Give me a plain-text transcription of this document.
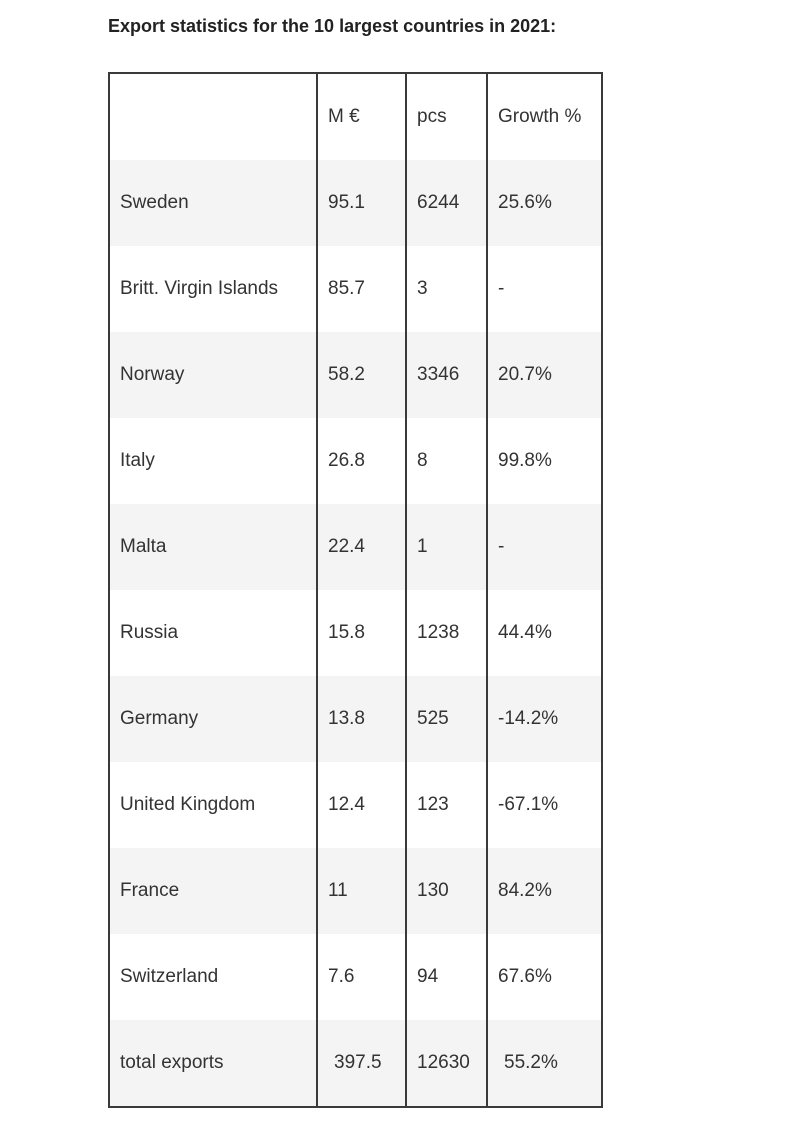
Export statistics for the 10 largest countries in 2021:
	M €	pcs	Growth %
Sweden	95.1	6244	25.6%
Britt. Virgin Islands	85.7	3	-
Norway	58.2	3346	20.7%
Italy	26.8	8	99.8%
Malta	22.4	1	-
Russia	15.8	1238	44.4%
Germany	13.8	525	-14.2%
United Kingdom	12.4	123	-67.1%
France	11	130	84.2%
Switzerland	7.6	94	67.6%
total exports	397.5	12630	55.2%
